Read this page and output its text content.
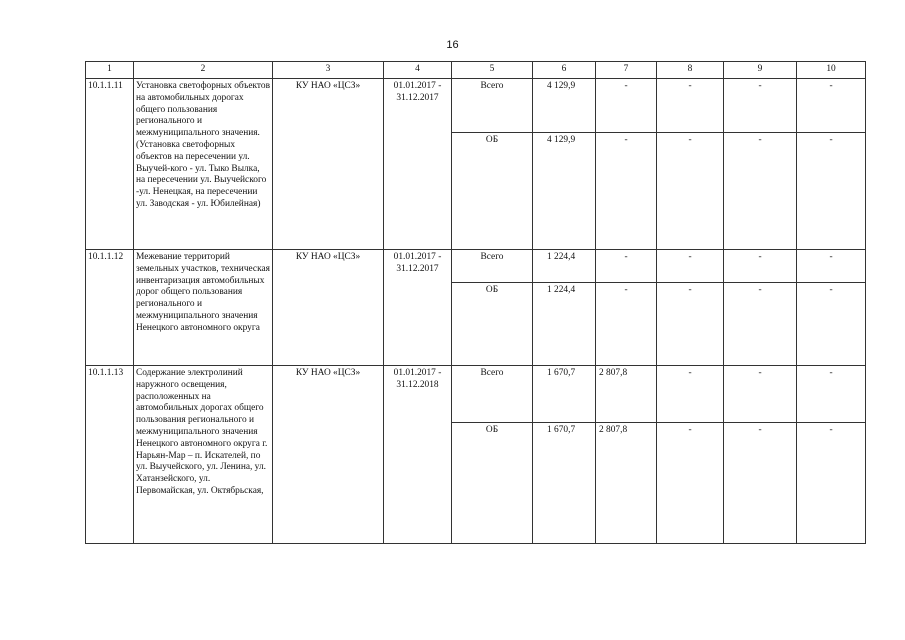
16
1	2	3	4	5	6	7	8	9	10
10.1.1.11	Установка светофорных объектов на автомобильных дорогах общего пользования регионального и межмуниципального значения. (Установка светофорных объектов на пересечении ул. Выучей-кого - ул. Тыко Вылка, на пересечении ул. Выучейского -ул. Ненецкая, на пересечении ул. Заводская - ул. Юбилейная)	КУ НАО «ЦСЗ»	01.01.2017 - 31.12.2017	Всего	4 129,9	-	-	-	-
				ОБ	4 129,9	-	-	-	-
10.1.1.12	Межевание территорий земельных участков, техническая инвентаризация автомобильных дорог общего пользования регионального и межмуниципального значения Ненецкого автономного округа	КУ НАО «ЦСЗ»	01.01.2017 - 31.12.2017	Всего	1 224,4	-	-	-	-
				ОБ	1 224,4	-	-	-	-
10.1.1.13	Содержание электролиний наружного освещения, расположенных на автомобильных дорогах общего пользования регионального и межмуниципального значения Ненецкого автономного округа г. Нарьян-Мар – п. Искателей, по ул. Выучейского, ул. Ленина, ул. Хатанзейского, ул. Первомайская, ул. Октябрьская,	КУ НАО «ЦСЗ»	01.01.2017 - 31.12.2018	Всего	1 670,7	2 807,8	-	-	-
				ОБ	1 670,7	2 807,8	-	-	-
